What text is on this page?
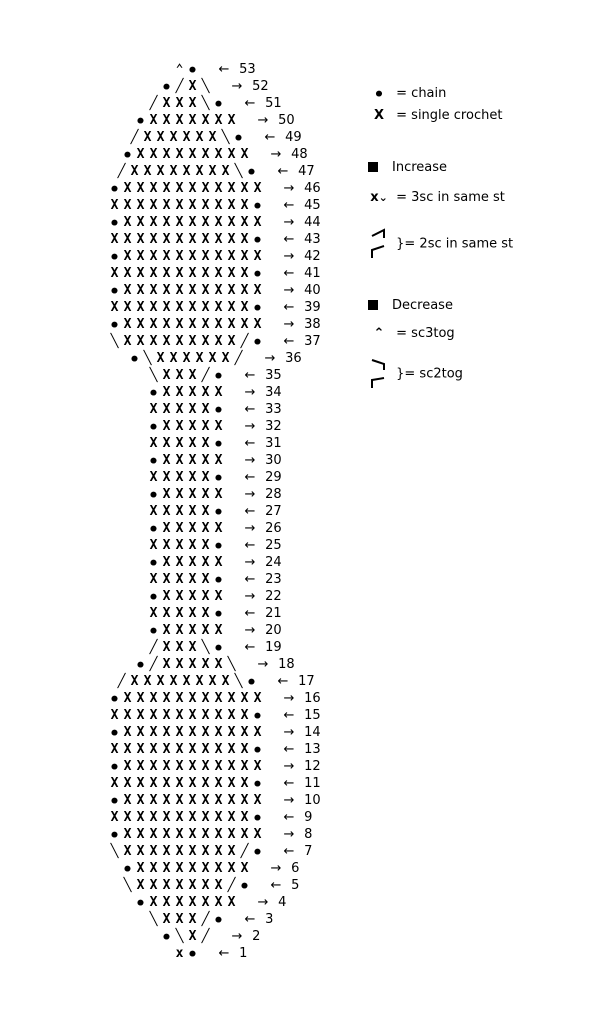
⌃ ⦁ ← 53
⦁ ╱ X ╲ → 52
╱ X X X ╲ ⦁ ← 51
⦁ X X X X X X X → 50
╱ X X X X X X ╲ ⦁ ← 49
⦁ X X X X X X X X X → 48
╱ X X X X X X X X ╲ ⦁ ← 47
⦁ X X X X X X X X X X X → 46
X X X X X X X X X X X ⦁ ← 45
⦁ X X X X X X X X X X X → 44
X X X X X X X X X X X ⦁ ← 43
⦁ X X X X X X X X X X X → 42
X X X X X X X X X X X ⦁ ← 41
⦁ X X X X X X X X X X X → 40
X X X X X X X X X X X ⦁ ← 39
⦁ X X X X X X X X X X X → 38
╲ X X X X X X X X X ╱ ⦁ ← 37
⦁ ╲ X X X X X X ╱ → 36
╲ X X X ╱ ⦁ ← 35
⦁ X X X X X → 34
X X X X X ⦁ ← 33
⦁ X X X X X → 32
X X X X X ⦁ ← 31
⦁ X X X X X → 30
X X X X X ⦁ ← 29
⦁ X X X X X → 28
X X X X X ⦁ ← 27
⦁ X X X X X → 26
X X X X X ⦁ ← 25
⦁ X X X X X → 24
X X X X X ⦁ ← 23
⦁ X X X X X → 22
X X X X X ⦁ ← 21
⦁ X X X X X → 20
╱ X X X ╲ ⦁ ← 19
⦁ ╱ X X X X X ╲ → 18
╱ X X X X X X X X ╲ ⦁ ← 17
⦁ X X X X X X X X X X X → 16
X X X X X X X X X X X ⦁ ← 15
⦁ X X X X X X X X X X X → 14
X X X X X X X X X X X ⦁ ← 13
⦁ X X X X X X X X X X X → 12
X X X X X X X X X X X ⦁ ← 11
⦁ X X X X X X X X X X X → 10
X X X X X X X X X X X ⦁ ← 9
⦁ X X X X X X X X X X X → 8
╲ X X X X X X X X X ╱ ⦁ ← 7
⦁ X X X X X X X X X → 6
╲ X X X X X X X ╱ ⦁ ← 5
⦁ X X X X X X X → 4
╲ X X X ╱ ⦁ ← 3
⦁ ╲ X ╱ → 2
x ⦁ ← 1
⦁ = chain
X = single crochet
Increase
x⌄ = 3sc in same st
}= 2sc in same st
Decrease
⌃ = sc3tog
}= sc2tog
